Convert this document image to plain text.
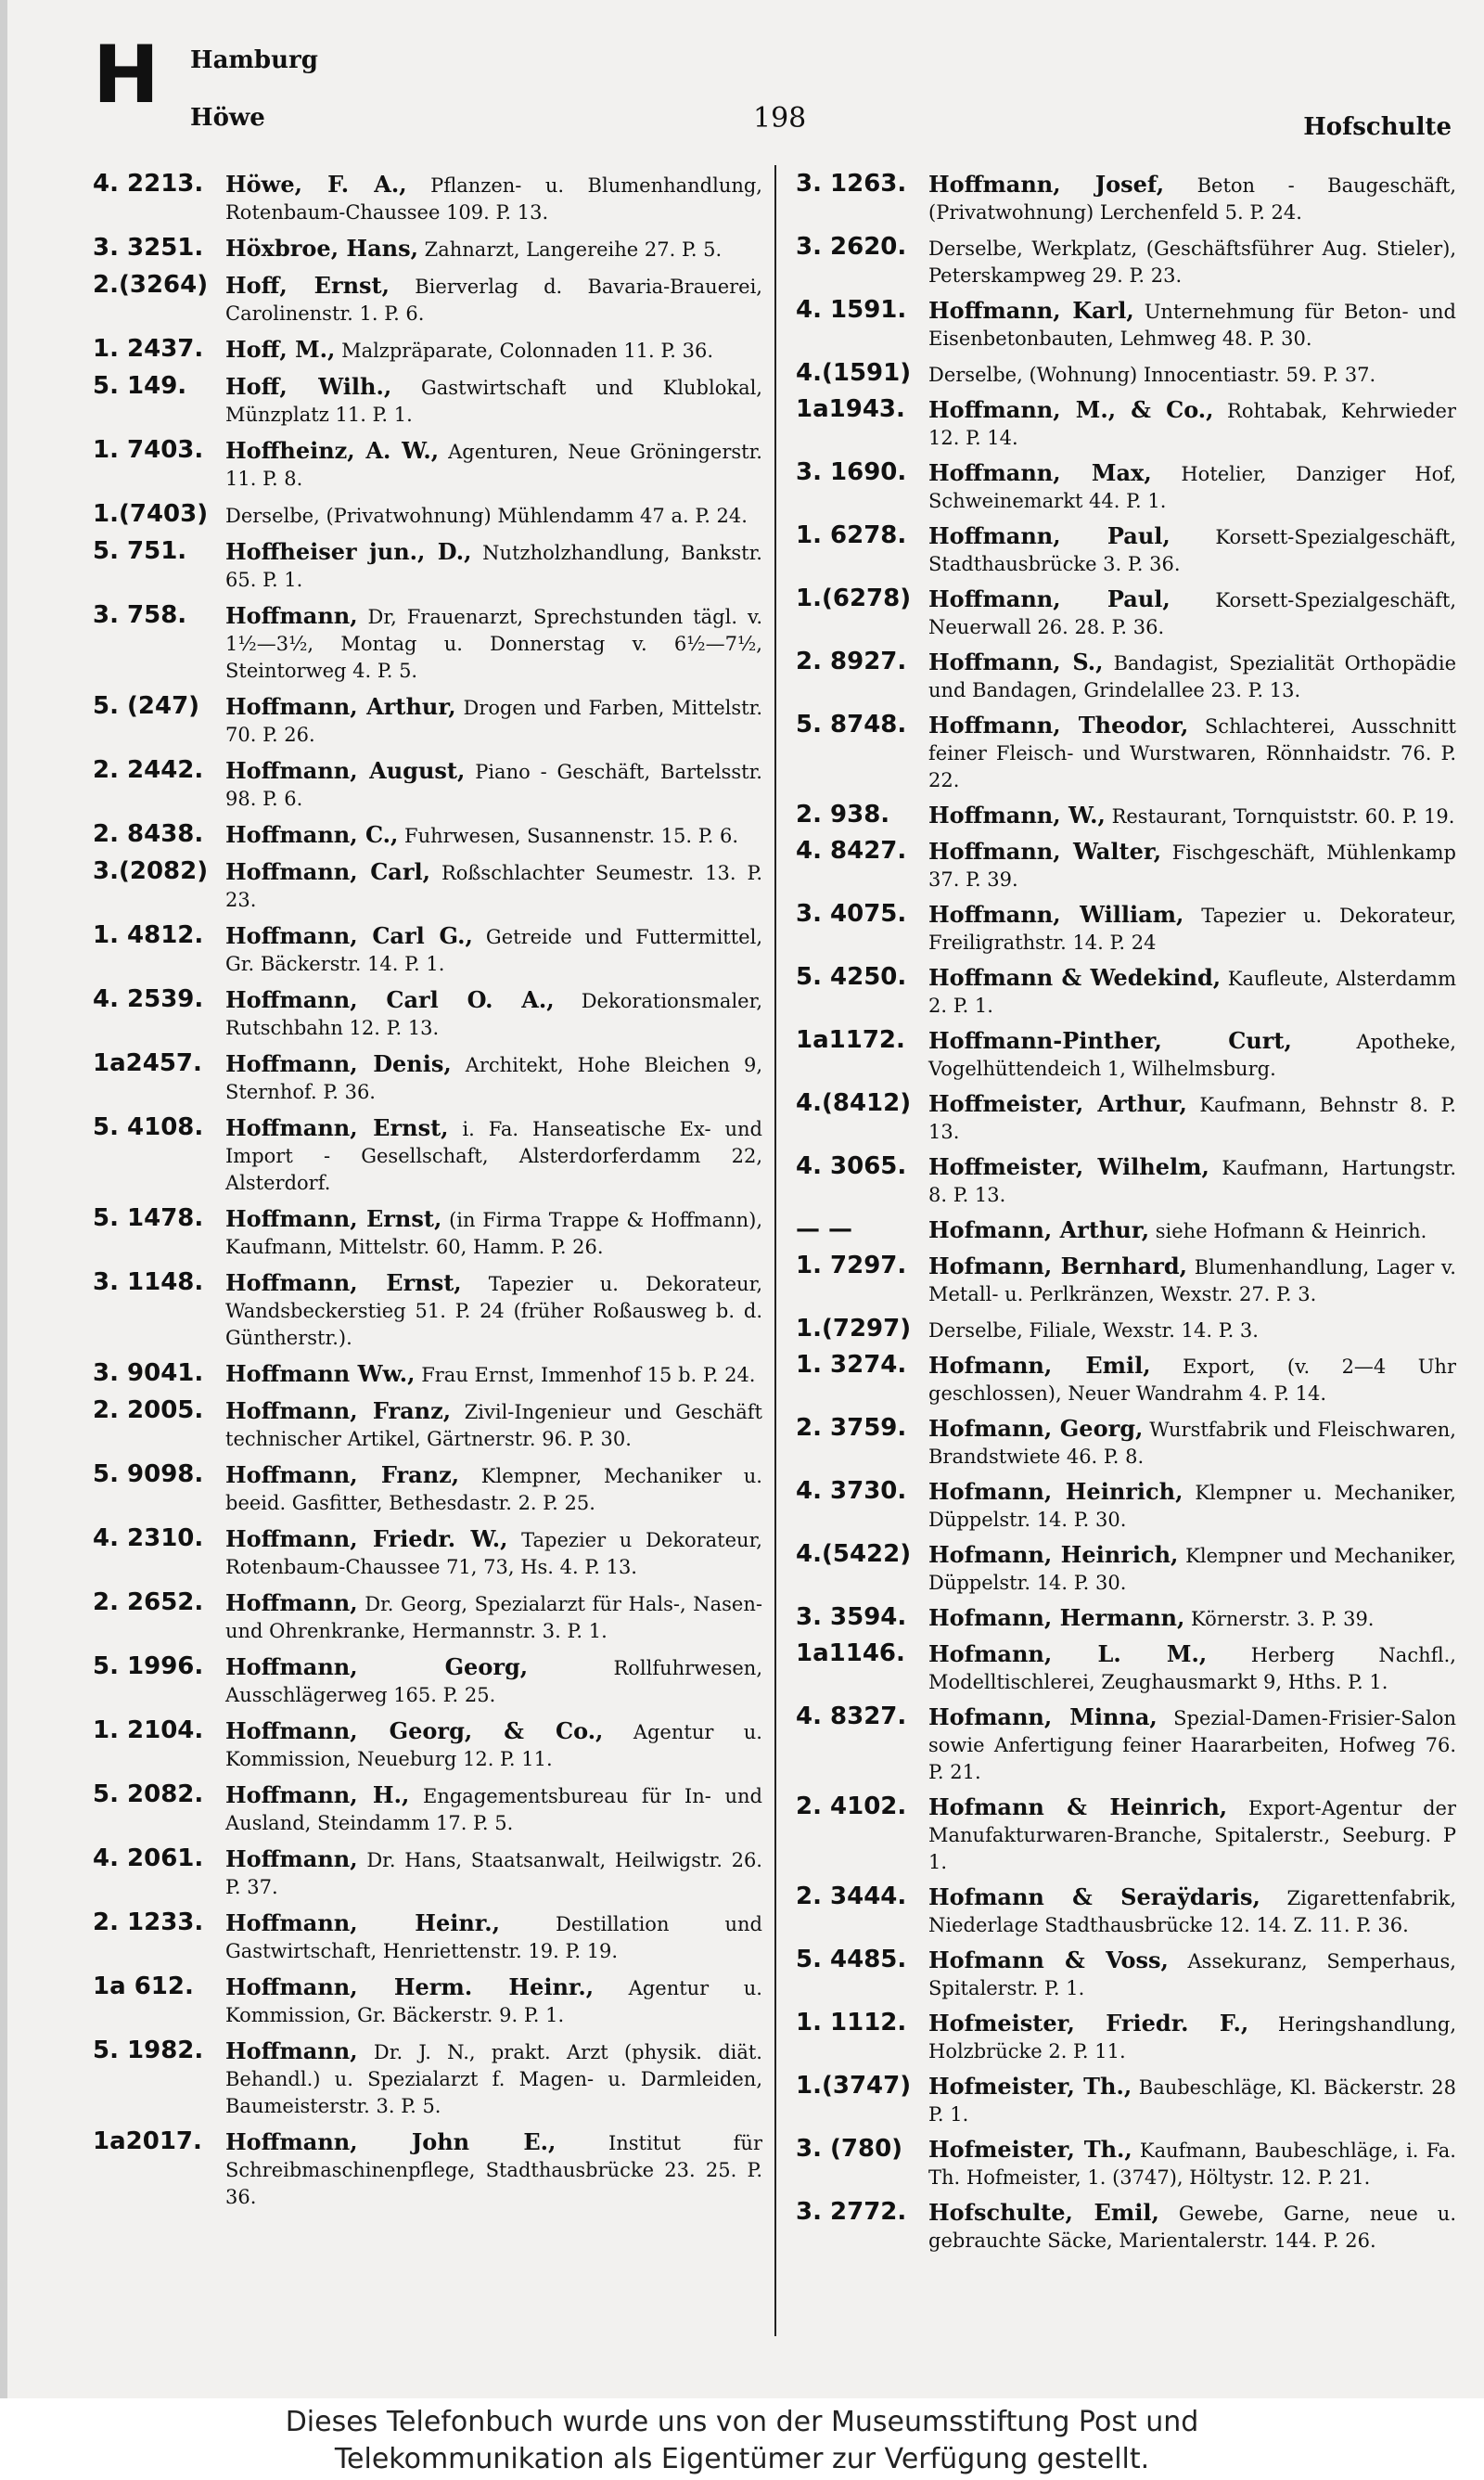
H Hamburg
Höwe	198	Hofschulte
4. 2213. Höwe, F. A., Pflanzen- u. Blumenhandlung, Rotenbaum-Chaussee 109. P. 13.
3. 3251. Höxbroe, Hans, Zahnarzt, Langereihe 27. P. 5.
2.(3264) Hoff, Ernst, Bierverlag d. Bavaria-Brauerei, Carolinenstr. 1. P. 6.
1. 2437. Hoff, M., Malzpräparate, Colonnaden 11. P. 36.
5. 149.	Hoff, Wilh., Gastwirtschaft und Klublokal, Münzplatz 11. P. 1.
1. 7403. Hoffheinz, A. W., Agenturen, Neue Gröningerstr. 11. P. 8.
1.(7403) Derselbe, (Privatwohnung) Mühlendamm 47 a. P. 24.
5. 751.	Hoffheiser jun., D., Nutzholzhandlung, Bankstr. 65. P. 1.
3. 758.	Hoffmann, Dr, Frauenarzt, Sprechstunden tägl. v. 1½—3½, Montag u. Donnerstag v. 6½—7½, Steintorweg 4. P. 5.
5. (247)	Hoffmann, Arthur, Drogen und Farben, Mittelstr. 70. P. 26.
2. 2442. Hoffmann, August, Piano - Geschäft, Bartelsstr. 98. P. 6.
2. 8438. Hoffmann, C., Fuhrwesen, Susannenstr. 15. P. 6.
3.(2082) Hoffmann, Carl, Roßschlachter Seumestr. 13. P. 23.
1. 4812. Hoffmann, Carl G., Getreide und Futtermittel, Gr. Bäckerstr. 14. P. 1.
4. 2539. Hoffmann, Carl O. A., Dekorationsmaler, Rutschbahn 12. P. 13.
1a2457.	Hoffmann, Denis, Architekt, Hohe Bleichen 9, Sternhof. P. 36.
5. 4108. Hoffmann, Ernst, i. Fa. Hanseatische Ex- und Import - Gesellschaft, Alsterdorferdamm 22, Alsterdorf.
5. 1478. Hoffmann, Ernst, (in Firma Trappe & Hoffmann), Kaufmann, Mittelstr. 60, Hamm. P. 26.
3. 1148. Hoffmann, Ernst, Tapezier u. Dekorateur, Wandsbeckerstieg 51. P. 24 (früher Roßausweg b. d. Güntherstr.).
3. 9041. Hoffmann Ww., Frau Ernst, Immenhof 15 b. P. 24.
2. 2005. Hoffmann, Franz, Zivil-Ingenieur und Geschäft technischer Artikel, Gärtnerstr. 96. P. 30.
5. 9098. Hoffmann, Franz, Klempner, Mechaniker u. beeid. Gasfitter, Bethesdastr. 2. P. 25.
4. 2310. Hoffmann, Friedr. W., Tapezier u Dekorateur, Rotenbaum-Chaussee 71, 73, Hs. 4. P. 13.
2. 2652. Hoffmann, Dr. Georg, Spezialarzt für Hals-, Nasen- und Ohrenkranke, Hermannstr. 3. P. 1.
5. 1996. Hoffmann, Georg,	Rollfuhrwesen, Ausschlägerweg 165. P. 25.
1. 2104. Hoffmann, Georg, & Co., Agentur u. Kommission, Neueburg 12. P. 11.
5. 2082. Hoffmann, H., Engagementsbureau für In- und Ausland, Steindamm 17. P. 5.
4. 2061. Hoffmann, Dr. Hans, Staatsanwalt, Heilwigstr. 26. P. 37.
2. 1233. Hoffmann, Heinr.,	Destillation und Gastwirtschaft, Henriettenstr. 19. P. 19.
1a 612.	Hoffmann, Herm. Heinr., Agentur u. Kommission, Gr. Bäckerstr. 9. P. 1.
5. 1982. Hoffmann, Dr. J. N., prakt. Arzt (physik. diät. Behandl.) u. Spezialarzt f. Magen- u. Darmleiden, Baumeisterstr. 3. P. 5.
1a2017.	Hoffmann, John E.,	Institut für Schreibmaschinenpflege, Stadthausbrücke 23. 25. P. 36.
3. 1263. Hoffmann, Josef, Beton - Baugeschäft, (Privatwohnung) Lerchenfeld 5. P. 24.
3. 2620.	Derselbe, Werkplatz, (Geschäftsführer Aug. Stieler), Peterskampweg 29. P. 23.
4. 1591. Hoffmann, Karl, Unternehmung für Beton- und Eisenbetonbauten, Lehmweg 48. P. 30.
4.(1591) Derselbe, (Wohnung) Innocentiastr. 59. P. 37.
1a1943.	Hoffmann, M., & Co., Rohtabak, Kehrwieder 12. P. 14.
3. 1690. Hoffmann, Max, Hotelier, Danziger Hof, Schweinemarkt 44. P. 1.
1. 6278. Hoffmann, Paul, Korsett-Spezialgeschäft, Stadthausbrücke 3. P. 36.
1.(6278) Hoffmann, Paul, Korsett-Spezialgeschäft, Neuerwall 26. 28. P. 36.
2. 8927. Hoffmann, S., Bandagist, Spezialität Orthopädie und Bandagen, Grindelallee 23. P. 13.
5. 8748. Hoffmann, Theodor, Schlachterei, Ausschnitt feiner Fleisch- und Wurstwaren, Rönnhaidstr. 76. P. 22.
2. 938.	Hoffmann, W., Restaurant, Tornquiststr. 60. P. 19.
4. 8427. Hoffmann, Walter, Fischgeschäft, Mühlenkamp 37. P. 39.
3. 4075. Hoffmann, William, Tapezier u. Dekorateur, Freiligrathstr. 14. P. 24
5. 4250. Hoffmann & Wedekind, Kaufleute, Alsterdamm 2. P. 1.
1a1172.	Hoffmann-Pinther, Curt,	Apotheke, Vogelhüttendeich 1, Wilhelmsburg.
4.(8412) Hoffmeister, Arthur, Kaufmann, Behnstr 8. P. 13.
4. 3065. Hoffmeister, Wilhelm, Kaufmann, Hartungstr. 8. P. 13.
— —	Hofmann, Arthur, siehe Hofmann & Heinrich.
1. 7297. Hofmann, Bernhard, Blumenhandlung, Lager v. Metall- u. Perlkränzen, Wexstr. 27. P. 3.
1.(7297) Derselbe, Filiale, Wexstr. 14. P. 3.
1. 3274. Hofmann, Emil, Export, (v. 2—4 Uhr geschlossen), Neuer Wandrahm 4. P. 14.
2. 3759. Hofmann, Georg, Wurstfabrik und Fleischwaren, Brandstwiete 46. P. 8.
4. 3730. Hofmann, Heinrich, Klempner u. Mechaniker, Düppelstr. 14. P. 30.
4.(5422) Hofmann, Heinrich, Klempner und Mechaniker, Düppelstr. 14. P. 30.
3. 3594. Hofmann, Hermann, Körnerstr. 3. P. 39.
1a1146.	Hofmann, L. M., Herberg Nachfl., Modelltischlerei, Zeughausmarkt 9, Hths. P. 1.
4. 8327. Hofmann, Minna, Spezial-Damen-Frisier-Salon sowie Anfertigung feiner Haararbeiten, Hofweg 76. P. 21.
2. 4102. Hofmann & Heinrich, Export-Agentur der Manufakturwaren-Branche, Spitalerstr., Seeburg. P 1.
2. 3444. Hofmann & Seraÿdaris, Zigarettenfabrik, Niederlage Stadthausbrücke 12. 14. Z. 11. P. 36.
5. 4485. Hofmann & Voss, Assekuranz, Semperhaus, Spitalerstr. P. 1.
1. 1112. Hofmeister, Friedr. F., Heringshandlung, Holzbrücke 2. P. 11.
1.(3747) Hofmeister, Th., Baubeschläge, Kl. Bäckerstr. 28 P. 1.
3. (780)	Hofmeister, Th., Kaufmann, Baubeschläge, i. Fa. Th. Hofmeister, 1. (3747), Höltystr. 12. P. 21.
3. 2772. Hofschulte, Emil, Gewebe, Garne, neue u. gebrauchte Säcke, Marientalerstr. 144. P. 26.
Dieses Telefonbuch wurde uns von der Museumsstiftung Post und
Telekommunikation als Eigentümer zur Verfügung gestellt.
